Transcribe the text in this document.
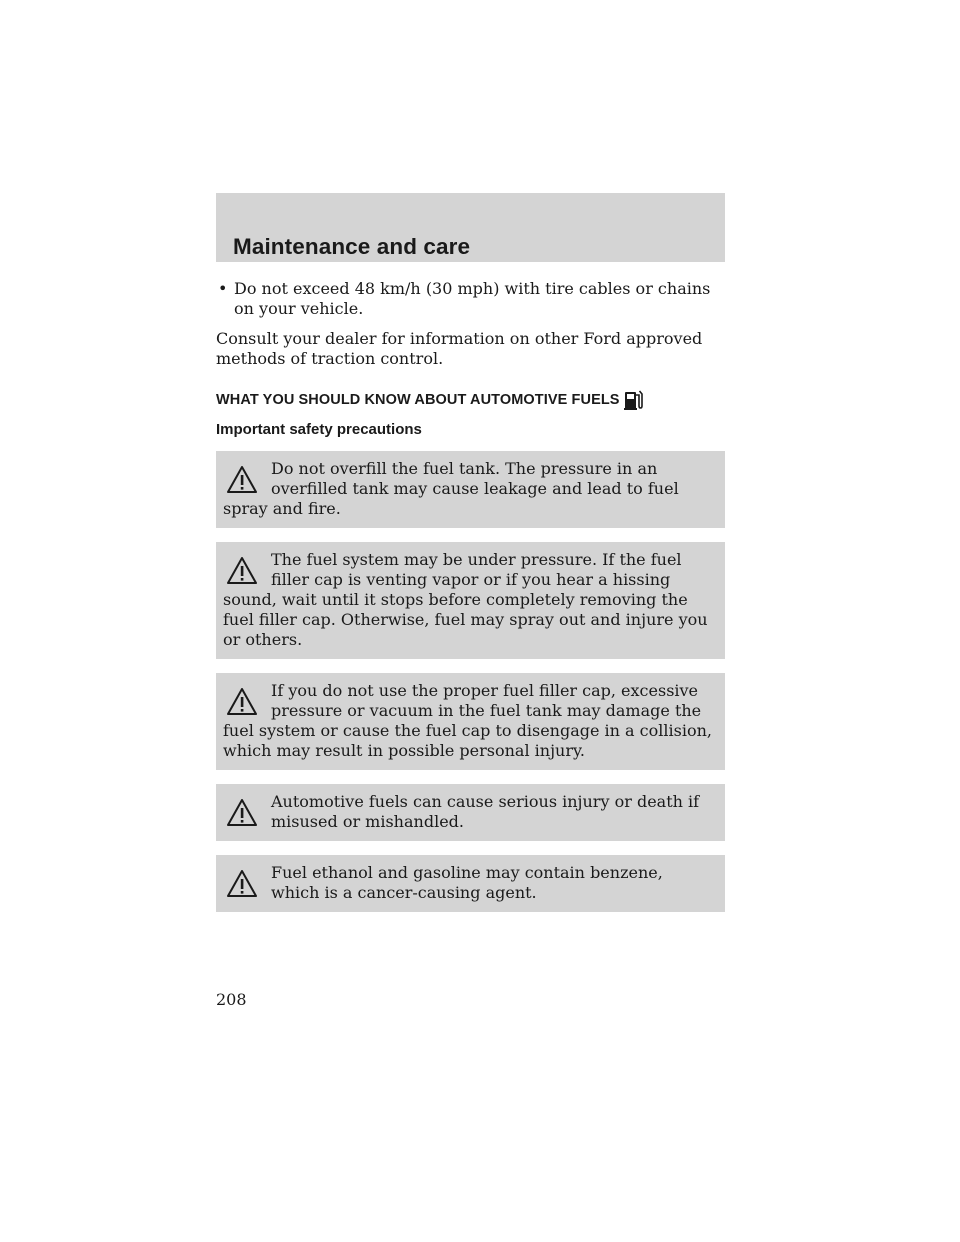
Maintenance and care
• Do not exceed 48 km/h (30 mph) with tire cables or chains on your vehicle.

Consult your dealer for information on other Ford approved methods of traction control.

WHAT YOU SHOULD KNOW ABOUT AUTOMOTIVE FUELS
Important safety precautions
Do not overfill the fuel tank. The pressure in an overfilled tank may cause leakage and lead to fuel spray and fire.
The fuel system may be under pressure. If the fuel filler cap is venting vapor or if you hear a hissing sound, wait until it stops before completely removing the fuel filler cap. Otherwise, fuel may spray out and injure you or others.
If you do not use the proper fuel filler cap, excessive pressure or vacuum in the fuel tank may damage the fuel system or cause the fuel cap to disengage in a collision, which may result in possible personal injury.
Automotive fuels can cause serious injury or death if misused or mishandled.
Fuel ethanol and gasoline may contain benzene, which is a cancer-causing agent.
208
